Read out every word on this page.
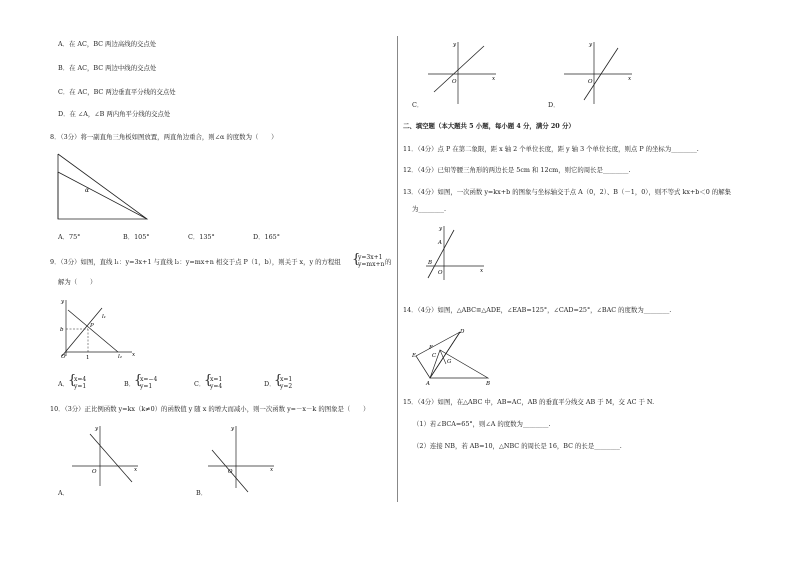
A．在 AC，BC 两边高线的交点处
B．在 AC，BC 两边中线的交点处
C．在 AC，BC 两边垂直平分线的交点处
D．在 ∠A，∠B 两内角平分线的交点处
8．（3分）将一副直角三角板如图放置，两直角边重合，则∠α 的度数为（　　）
α
A．75°	B．105°	C．135°	D．165°
9．（3分）如图，直线 l₁：y=3x+1 与直线 l₂：y=mx+n 相交于点 P（1，b），则关于 x，y 的方程组 {
y=3x+1
y=mx+n 的
解为（　　）
y
x
O
b
1
P
l₁
l₂
A．
{
x=4
y=1	B．
{
x=−4
y=1	C．
{
x=1
y=4	D．
{
x=1
y=2
10．（3分）正比例函数 y=kx（k≠0）的函数值 y 随 x 的增大而减小，则一次函数 y=－x－k 的图象是（　　）
y
x
O
A．
y
x
O
B．
y
x
O
C．
y
x
O
D．
二、填空题（本大题共 5 小题，每小题 4 分，满分 20 分）
11．（4分）点 P 在第二象限，距 x 轴 2 个单位长度，距 y 轴 3 个单位长度，则点 P 的坐标为________.
12．（4分）已知等腰三角形的两边长是 5cm 和 12cm，则它的周长是________.
13．（4分）如图，一次函数 y=kx+b 的图象与坐标轴交于点 A（0，2）、B（－1，0），则不等式 kx+b＜0 的解集
为________.
y
A
B
O	x
14．（4分）如图，△ABC≌△ADE，∠EAB=125°，∠CAD=25°，∠BAC 的度数为________.
D
F
C
E
G
A	B
15．（4分）如图，在△ABC 中，AB=AC，AB 的垂直平分线交 AB 于 M，交 AC 于 N.
（1）若∠BCA=65°，则∠A 的度数为________.
（2）连接 NB，若 AB=10，△NBC 的周长是 16，BC 的长是________.
